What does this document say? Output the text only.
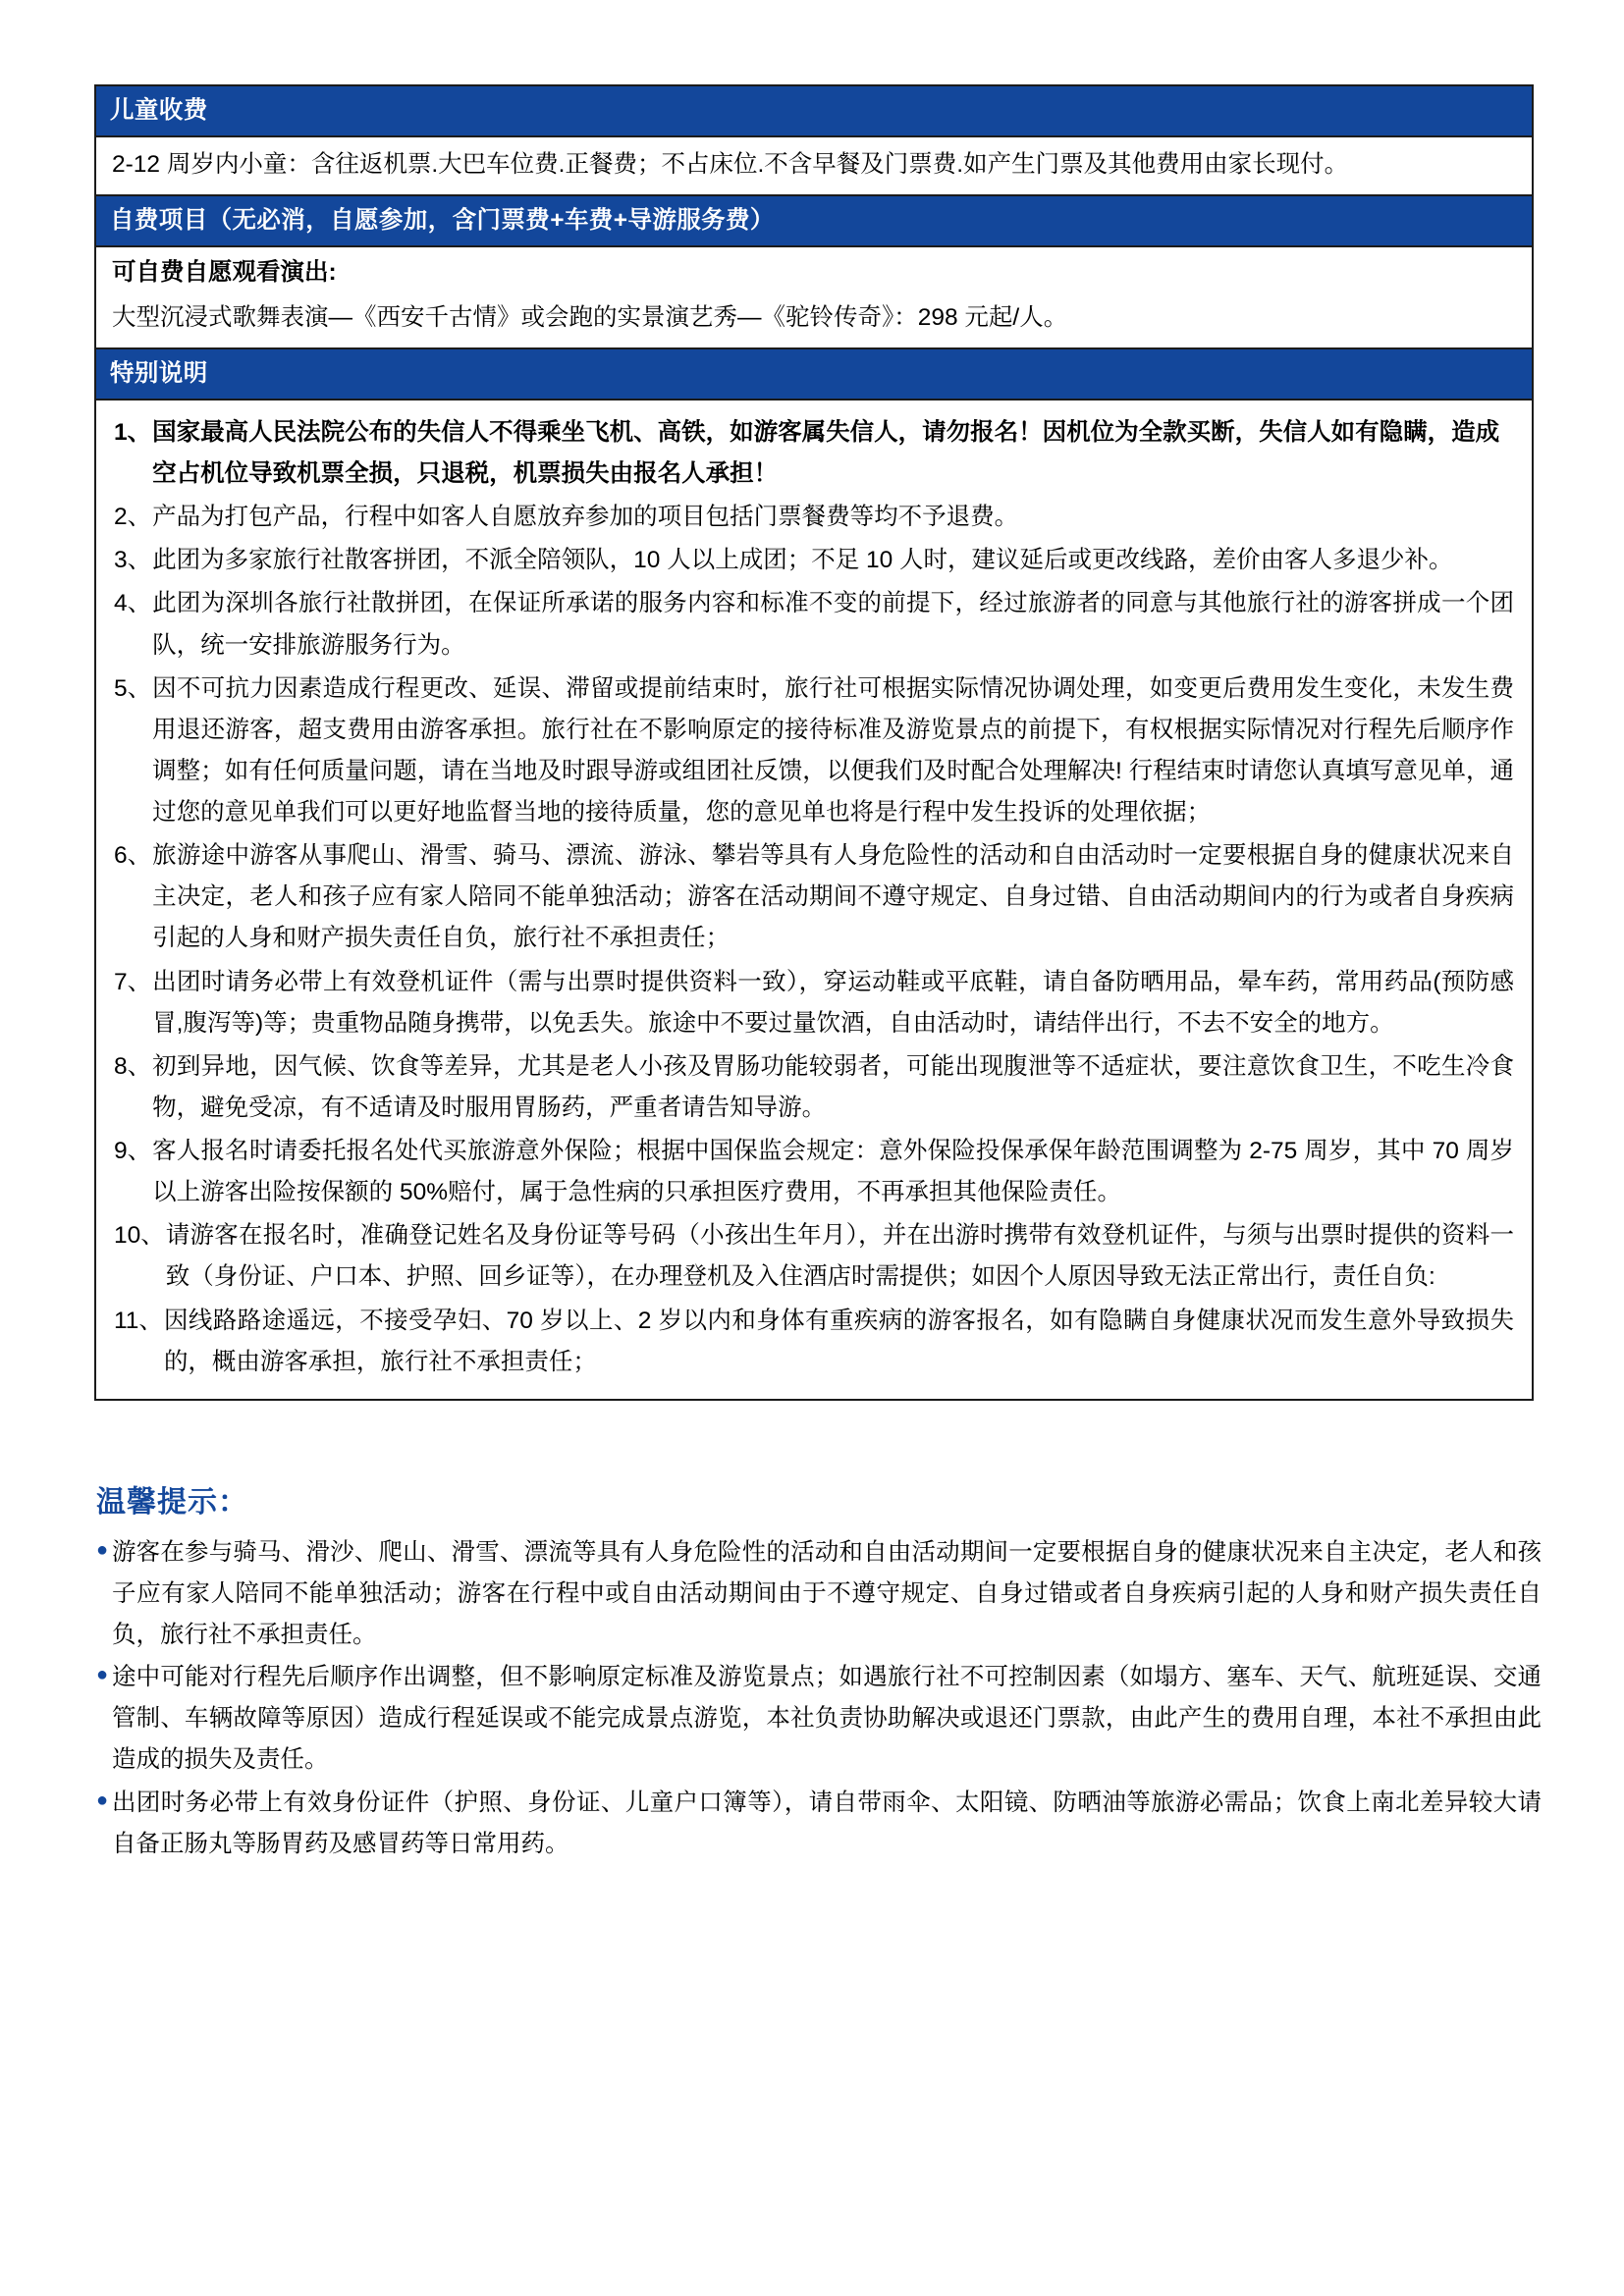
儿童收费
2-12 周岁内小童：含往返机票.大巴车位费.正餐费；不占床位.不含早餐及门票费.如产生门票及其他费用由家长现付。
自费项目（无必消，自愿参加，含门票费+车费+导游服务费）

可自费自愿观看演出:
大型沉浸式歌舞表演—《西安千古情》或会跑的实景演艺秀—《驼铃传奇》：298 元起/人。

特别说明

1、 国家最高人民法院公布的失信人不得乘坐飞机、高铁，如游客属失信人，请勿报名！因机位为全款买断，失信人如有隐瞒，造成空占机位导致机票全损，只退税，机票损失由报名人承担！
2、 产品为打包产品，行程中如客人自愿放弃参加的项目包括门票餐费等均不予退费。
3、 此团为多家旅行社散客拼团，不派全陪领队，10 人以上成团；不足 10 人时，建议延后或更改线路，差价由客人多退少补。
4、 此团为深圳各旅行社散拼团，在保证所承诺的服务内容和标准不变的前提下，经过旅游者的同意与其他旅行社的游客拼成一个团队，统一安排旅游服务行为。
5、 因不可抗力因素造成行程更改、延误、滞留或提前结束时，旅行社可根据实际情况协调处理，如变更后费用发生变化，未发生费用退还游客，超支费用由游客承担。旅行社在不影响原定的接待标准及游览景点的前提下，有权根据实际情况对行程先后顺序作调整；如有任何质量问题，请在当地及时跟导游或组团社反馈，以便我们及时配合处理解决! 行程结束时请您认真填写意见单，通过您的意见单我们可以更好地监督当地的接待质量，您的意见单也将是行程中发生投诉的处理依据；
6、 旅游途中游客从事爬山、滑雪、骑马、漂流、游泳、攀岩等具有人身危险性的活动和自由活动时一定要根据自身的健康状况来自主决定，老人和孩子应有家人陪同不能单独活动；游客在活动期间不遵守规定、自身过错、自由活动期间内的行为或者自身疾病引起的人身和财产损失责任自负，旅行社不承担责任；
7、 出团时请务必带上有效登机证件（需与出票时提供资料一致），穿运动鞋或平底鞋，请自备防晒用品，晕车药，常用药品(预防感冒,腹泻等)等；贵重物品随身携带，以免丢失。旅途中不要过量饮酒，自由活动时，请结伴出行，不去不安全的地方。
8、 初到异地，因气候、饮食等差异，尤其是老人小孩及胃肠功能较弱者，可能出现腹泄等不适症状，要注意饮食卫生，不吃生冷食物，避免受凉，有不适请及时服用胃肠药，严重者请告知导游。
9、 客人报名时请委托报名处代买旅游意外保险；根据中国保监会规定：意外保险投保承保年龄范围调整为 2-75 周岁，其中 70 周岁以上游客出险按保额的 50%赔付，属于急性病的只承担医疗费用，不再承担其他保险责任。
10、 请游客在报名时，准确登记姓名及身份证等号码（小孩出生年月），并在出游时携带有效登机证件，与须与出票时提供的资料一致（身份证、户口本、护照、回乡证等），在办理登机及入住酒店时需提供；如因个人原因导致无法正常出行，责任自负:
11、 因线路路途遥远，不接受孕妇、70 岁以上、2 岁以内和身体有重疾病的游客报名，如有隐瞒自身健康状况而发生意外导致损失的，概由游客承担，旅行社不承担责任；
温馨提示：
● 游客在参与骑马、滑沙、爬山、滑雪、漂流等具有人身危险性的活动和自由活动期间一定要根据自身的健康状况来自主决定，老人和孩子应有家人陪同不能单独活动；游客在行程中或自由活动期间由于不遵守规定、自身过错或者自身疾病引起的人身和财产损失责任自负，旅行社不承担责任。
● 途中可能对行程先后顺序作出调整，但不影响原定标准及游览景点；如遇旅行社不可控制因素（如塌方、塞车、天气、航班延误、交通管制、车辆故障等原因）造成行程延误或不能完成景点游览，本社负责协助解决或退还门票款，由此产生的费用自理，本社不承担由此造成的损失及责任。
● 出团时务必带上有效身份证件（护照、身份证、儿童户口簿等），请自带雨伞、太阳镜、防晒油等旅游必需品；饮食上南北差异较大请自备正肠丸等肠胃药及感冒药等日常用药。
